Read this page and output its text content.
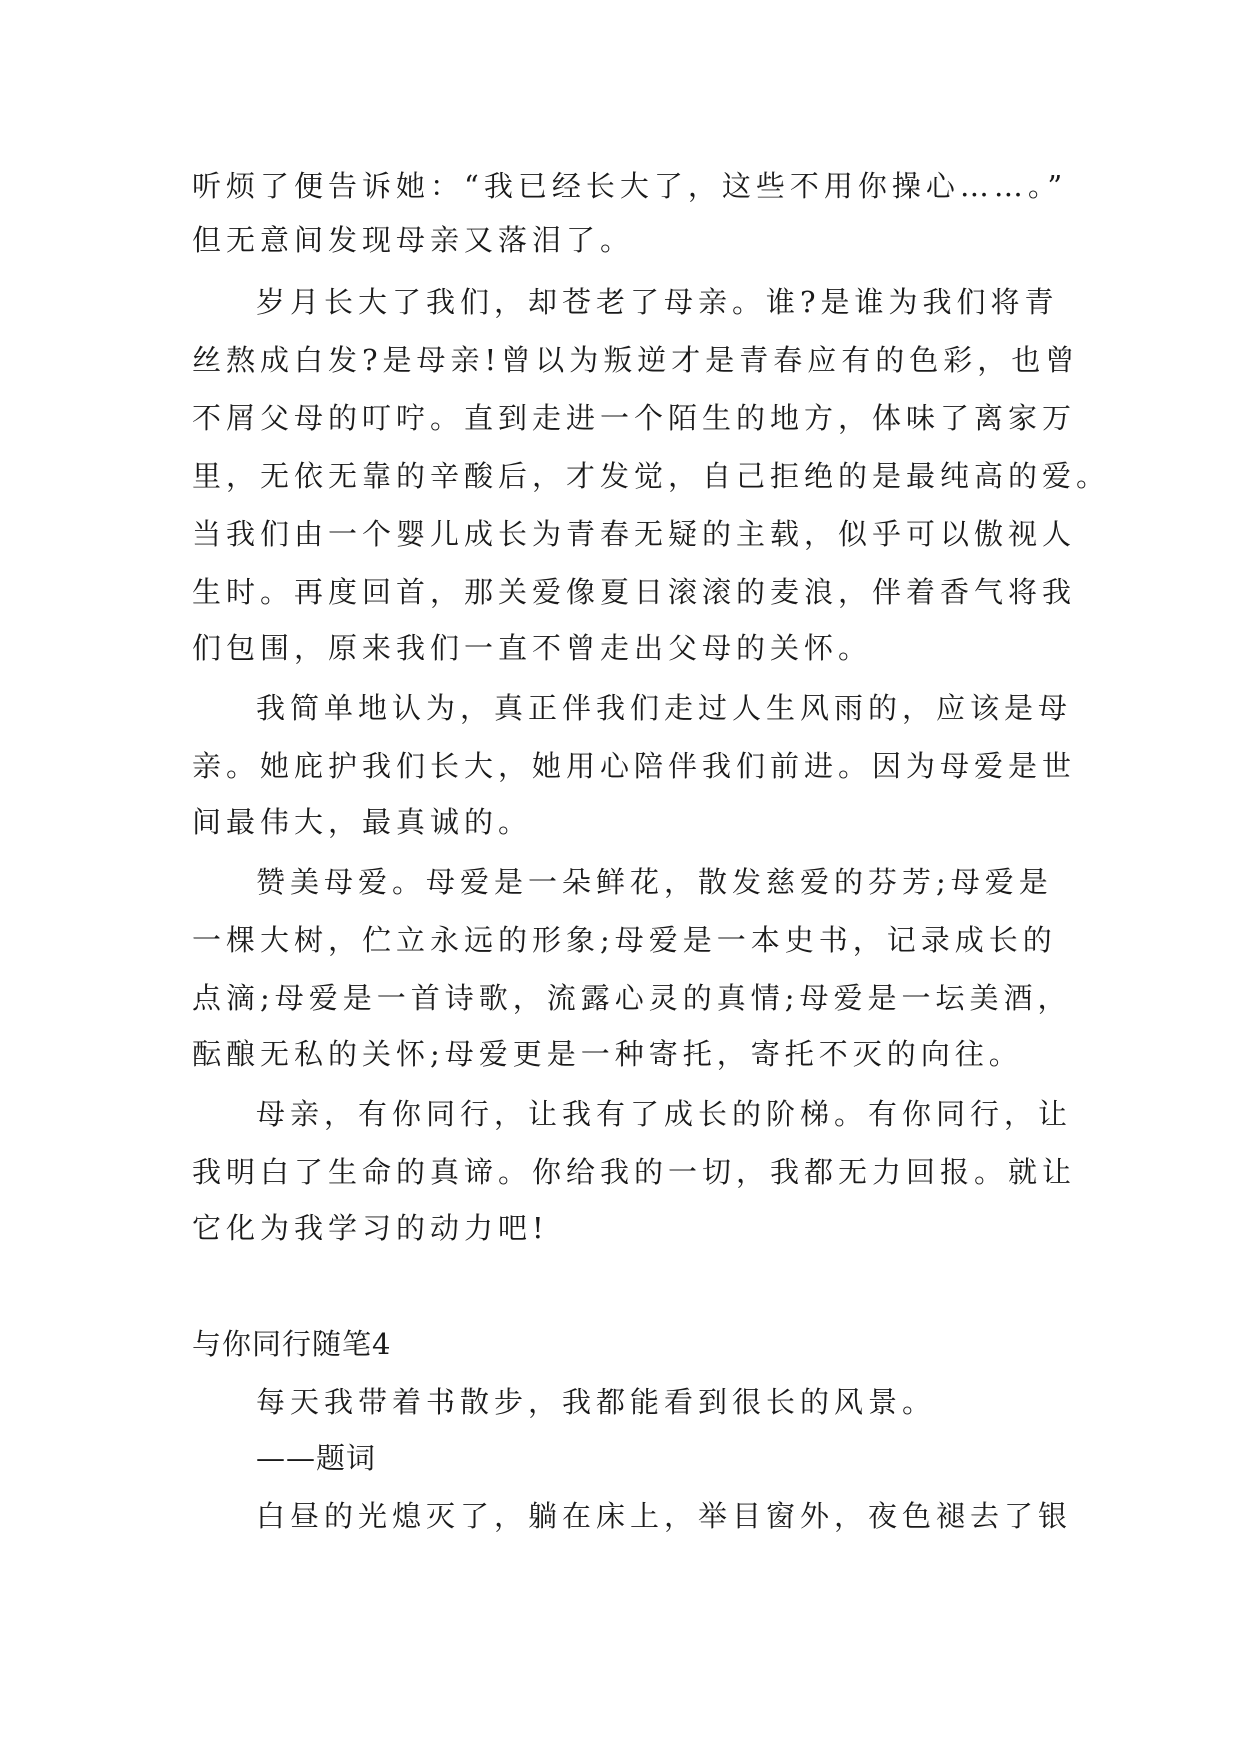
听烦了便告诉她：“我已经长大了，这些不用你操心……。”
但无意间发现母亲又落泪了。
岁月长大了我们，却苍老了母亲。谁?是谁为我们将青
丝熬成白发?是母亲!曾以为叛逆才是青春应有的色彩，也曾
不屑父母的叮咛。直到走进一个陌生的地方，体味了离家万
里，无依无靠的辛酸后，才发觉，自己拒绝的是最纯高的爱。
当我们由一个婴儿成长为青春无疑的主载，似乎可以傲视人
生时。再度回首，那关爱像夏日滚滚的麦浪，伴着香气将我
们包围，原来我们一直不曾走出父母的关怀。
我简单地认为，真正伴我们走过人生风雨的，应该是母
亲。她庇护我们长大，她用心陪伴我们前进。因为母爱是世
间最伟大，最真诚的。
赞美母爱。母爱是一朵鲜花，散发慈爱的芬芳;母爱是
一棵大树，伫立永远的形象;母爱是一本史书，记录成长的
点滴;母爱是一首诗歌，流露心灵的真情;母爱是一坛美酒，
酝酿无私的关怀;母爱更是一种寄托，寄托不灭的向往。
母亲，有你同行，让我有了成长的阶梯。有你同行，让
我明白了生命的真谛。你给我的一切，我都无力回报。就让
它化为我学习的动力吧!
与你同行随笔4
每天我带着书散步，我都能看到很长的风景。
——题词
白昼的光熄灭了，躺在床上，举目窗外，夜色褪去了银
